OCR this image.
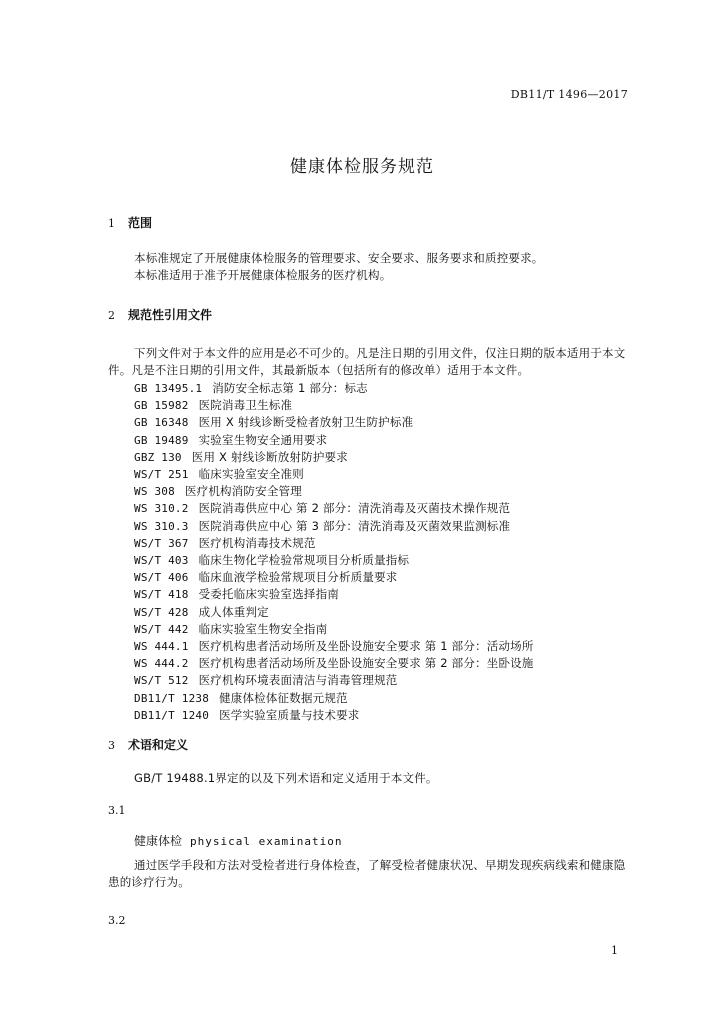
DB11/T 1496—2017
健康体检服务规范
1 范围

本标准规定了开展健康体检服务的管理要求、安全要求、服务要求和质控要求。

本标准适用于准予开展健康体检服务的医疗机构。

2 规范性引用文件

下列文件对于本文件的应用是必不可少的。凡是注日期的引用文件，仅注日期的版本适用于本文件。凡是不注日期的引用文件，其最新版本（包括所有的修改单）适用于本文件。

GB 13495.1 消防安全标志第 1 部分：标志
GB 15982 医院消毒卫生标准
GB 16348 医用 X 射线诊断受检者放射卫生防护标准
GB 19489 实验室生物安全通用要求
GBZ 130 医用 X 射线诊断放射防护要求
WS/T 251 临床实验室安全准则
WS 308 医疗机构消防安全管理
WS 310.2 医院消毒供应中心 第 2 部分：清洗消毒及灭菌技术操作规范
WS 310.3 医院消毒供应中心 第 3 部分：清洗消毒及灭菌效果监测标准
WS/T 367 医疗机构消毒技术规范
WS/T 403 临床生物化学检验常规项目分析质量指标
WS/T 406 临床血液学检验常规项目分析质量要求
WS/T 418 受委托临床实验室选择指南
WS/T 428 成人体重判定
WS/T 442 临床实验室生物安全指南
WS 444.1 医疗机构患者活动场所及坐卧设施安全要求 第 1 部分：活动场所
WS 444.2 医疗机构患者活动场所及坐卧设施安全要求 第 2 部分：坐卧设施
WS/T 512 医疗机构环境表面清洁与消毒管理规范
DB11/T 1238 健康体检体征数据元规范
DB11/T 1240 医学实验室质量与技术要求
3 术语和定义

GB/T 19488.1界定的以及下列术语和定义适用于本文件。

3.1
健康体检 physical examination

通过医学手段和方法对受检者进行身体检查，了解受检者健康状况、早期发现疾病线索和健康隐患的诊疗行为。

3.2
1
